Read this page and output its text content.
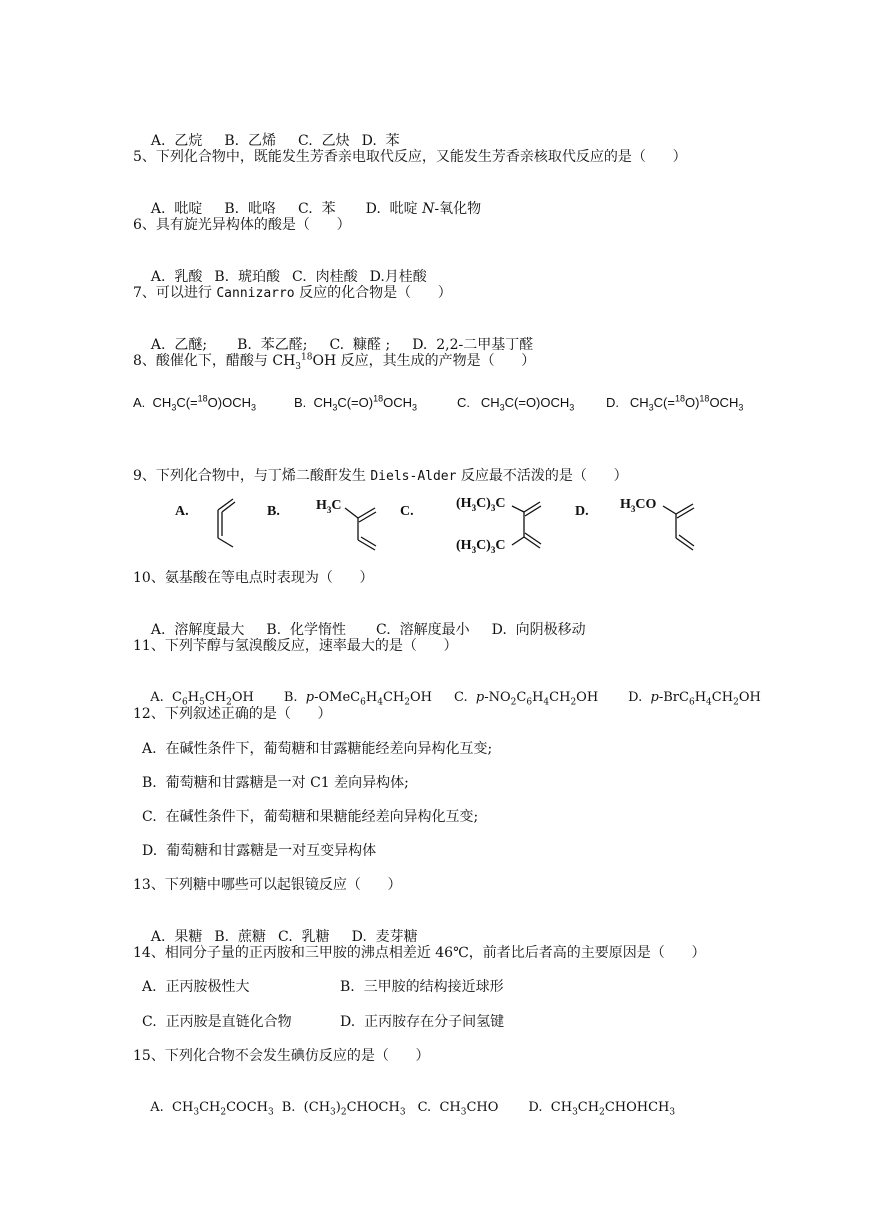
A.  乙烷 B.  乙烯 C.  乙炔 D.  苯

5、下列化合物中，既能发生芳香亲电取代反应，又能发生芳香亲核取代反应的是（      ）

A.  吡啶 B.  吡咯 C.  苯 D.  吡啶 N-氧化物

6、具有旋光异构体的酸是（      ）

A.  乳酸 B.  琥珀酸 C.  肉桂酸 D.月桂酸

7、可以进行 Cannizarro 反应的化合物是（      ）

A.  乙醚; B.  苯乙醛; C.  糠醛 ; D.  2,2-二甲基丁醛

8、酸催化下，醋酸与 $CH_3^{18}OH$ 反应，其生成的产物是（      ）
A. $CH_3C(=^{18}O)OCH_3$	B. $CH_3C(=O)^{18}OCH_3$	C. $CH_3C(=O)OCH_3$ D. $CH_3C(=^{18}O)^{18}OCH_3$
9、下列化合物中，与丁烯二酸酐发生 Diels-Alder 反应最不活泼的是（      ）
A.	B.	C.	D.
$H_3C$	$(H_3C)_3C$
$(H_3C)_3C$
$H_3CO$
10、氨基酸在等电点时表现为（      ）

A.  溶解度最大 B.  化学惰性 C.  溶解度最小 D.  向阴极移动

11、下列苄醇与氢溴酸反应，速率最大的是（      ）

A.  $C_6H_5CH_2OH$ B.  $p-OMeC_6H_4CH_2OH$ C.  $p-NO_2C_6H_4CH_2OH$ D.  $p-BrC_6H_4CH_2OH$

12、下列叙述正确的是（      ）
A.  在碱性条件下，葡萄糖和甘露糖能经差向异构化互变;
B.  葡萄糖和甘露糖是一对 C1 差向异构体;
C.  在碱性条件下，葡萄糖和果糖能经差向异构化互变;
D.  葡萄糖和甘露糖是一对互变异构体
13、下列糖中哪些可以起银镜反应（      ）

A.  果糖 B.  蔗糖 C.  乳糖 D.  麦芽糖

14、相同分子量的正丙胺和三甲胺的沸点相差近 46℃，前者比后者高的主要原因是（      ）
A.  正丙胺极性大	B.  三甲胺的结构接近球形
C.  正丙胺是直链化合物	D.  正丙胺存在分子间氢键
15、下列化合物不会发生碘仿反应的是（      ）

A.  $CH_3CH_2COCH_3$ B.  $(CH_3)_2CHOCH_3$ C.  $CH_3CHO$ D.  $CH_3CH_2CHOHCH_3$
